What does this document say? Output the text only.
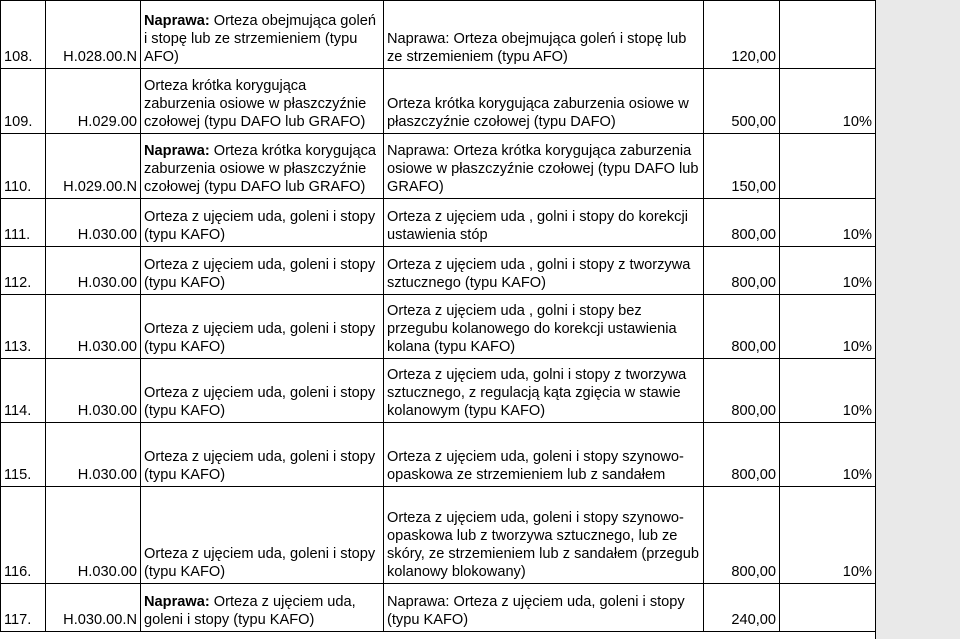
108.	H.028.00.N	Naprawa: Orteza obejmująca goleń i stopę lub ze strzemieniem (typu AFO)	Naprawa: Orteza obejmująca goleń i stopę lub ze strzemieniem (typu AFO)	120,00	
109.	H.029.00	Orteza krótka korygująca zaburzenia osiowe w płaszczyźnie czołowej (typu DAFO lub GRAFO)	Orteza krótka korygująca zaburzenia osiowe w płaszczyźnie czołowej (typu DAFO)	500,00	10%
110.	H.029.00.N	Naprawa: Orteza krótka korygująca zaburzenia osiowe w płaszczyźnie czołowej (typu DAFO lub GRAFO)	Naprawa: Orteza krótka korygująca zaburzenia osiowe w płaszczyźnie czołowej (typu DAFO lub GRAFO)	150,00	
111.	H.030.00	Orteza z ujęciem uda, goleni i stopy (typu KAFO)	Orteza z ujęciem uda , golni i stopy do korekcji ustawienia stóp	800,00	10%
112.	H.030.00	Orteza z ujęciem uda, goleni i stopy (typu KAFO)	Orteza z ujęciem uda , golni i stopy z tworzywa sztucznego (typu KAFO)	800,00	10%
113.	H.030.00	Orteza z ujęciem uda, goleni i stopy (typu KAFO)	Orteza z ujęciem uda , golni i stopy bez przegubu kolanowego do korekcji ustawienia kolana (typu KAFO)	800,00	10%
114.	H.030.00	Orteza z ujęciem uda, goleni i stopy (typu KAFO)	Orteza z ujęciem uda, golni i stopy z tworzywa sztucznego, z regulacją kąta zgięcia w stawie kolanowym (typu KAFO)	800,00	10%
115.	H.030.00	Orteza z ujęciem uda, goleni i stopy (typu KAFO)	Orteza z ujęciem uda, goleni i stopy szynowo-opaskowa ze strzemieniem lub z sandałem	800,00	10%
116.	H.030.00	Orteza z ujęciem uda, goleni i stopy (typu KAFO)	Orteza z ujęciem uda, goleni i stopy szynowo-opaskowa lub z tworzywa sztucznego, lub ze skóry, ze strzemieniem lub z sandałem (przegub kolanowy blokowany)	800,00	10%
117.	H.030.00.N	Naprawa: Orteza z ujęciem uda, goleni i stopy (typu KAFO)	Naprawa: Orteza z ujęciem uda, goleni i stopy (typu KAFO)	240,00	
